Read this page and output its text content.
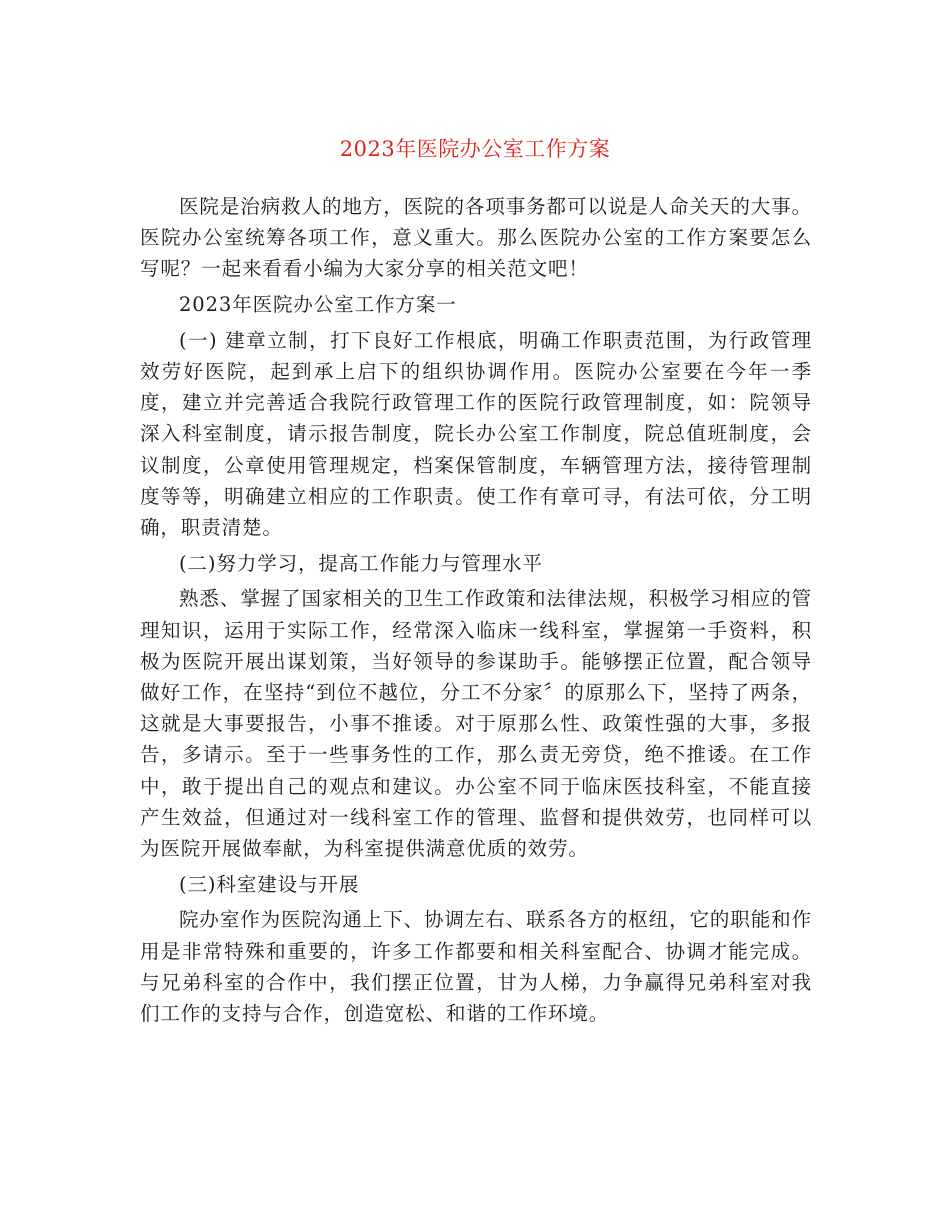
2023年医院办公室工作方案

医院是治病救人的地方，医院的各项事务都可以说是人命关天的大事。医院办公室统筹各项工作，意义重大。那么医院办公室的工作方案要怎么写呢？一起来看看小编为大家分享的相关范文吧！

2023年医院办公室工作方案一

(一) 建章立制，打下良好工作根底，明确工作职责范围，为行政管理效劳好医院，起到承上启下的组织协调作用。医院办公室要在今年一季度，建立并完善适合我院行政管理工作的医院行政管理制度，如：院领导深入科室制度，请示报告制度，院长办公室工作制度，院总值班制度，会议制度，公章使用管理规定，档案保管制度，车辆管理方法，接待管理制度等等，明确建立相应的工作职责。使工作有章可寻，有法可依，分工明确，职责清楚。

(二)努力学习，提高工作能力与管理水平

熟悉、掌握了国家相关的卫生工作政策和法律法规，积极学习相应的管理知识，运用于实际工作，经常深入临床一线科室，掌握第一手资料，积极为医院开展出谋划策，当好领导的参谋助手。能够摆正位置，配合领导做好工作，在坚持“到位不越位，分工不分家〞的原那么下，坚持了两条，这就是大事要报告，小事不推诿。对于原那么性、政策性强的大事，多报告，多请示。至于一些事务性的工作，那么责无旁贷，绝不推诿。在工作中，敢于提出自己的观点和建议。办公室不同于临床医技科室，不能直接产生效益，但通过对一线科室工作的管理、监督和提供效劳，也同样可以为医院开展做奉献，为科室提供满意优质的效劳。

(三)科室建设与开展

院办室作为医院沟通上下、协调左右、联系各方的枢纽，它的职能和作用是非常特殊和重要的，许多工作都要和相关科室配合、协调才能完成。与兄弟科室的合作中，我们摆正位置，甘为人梯，力争赢得兄弟科室对我们工作的支持与合作，创造宽松、和谐的工作环境。
